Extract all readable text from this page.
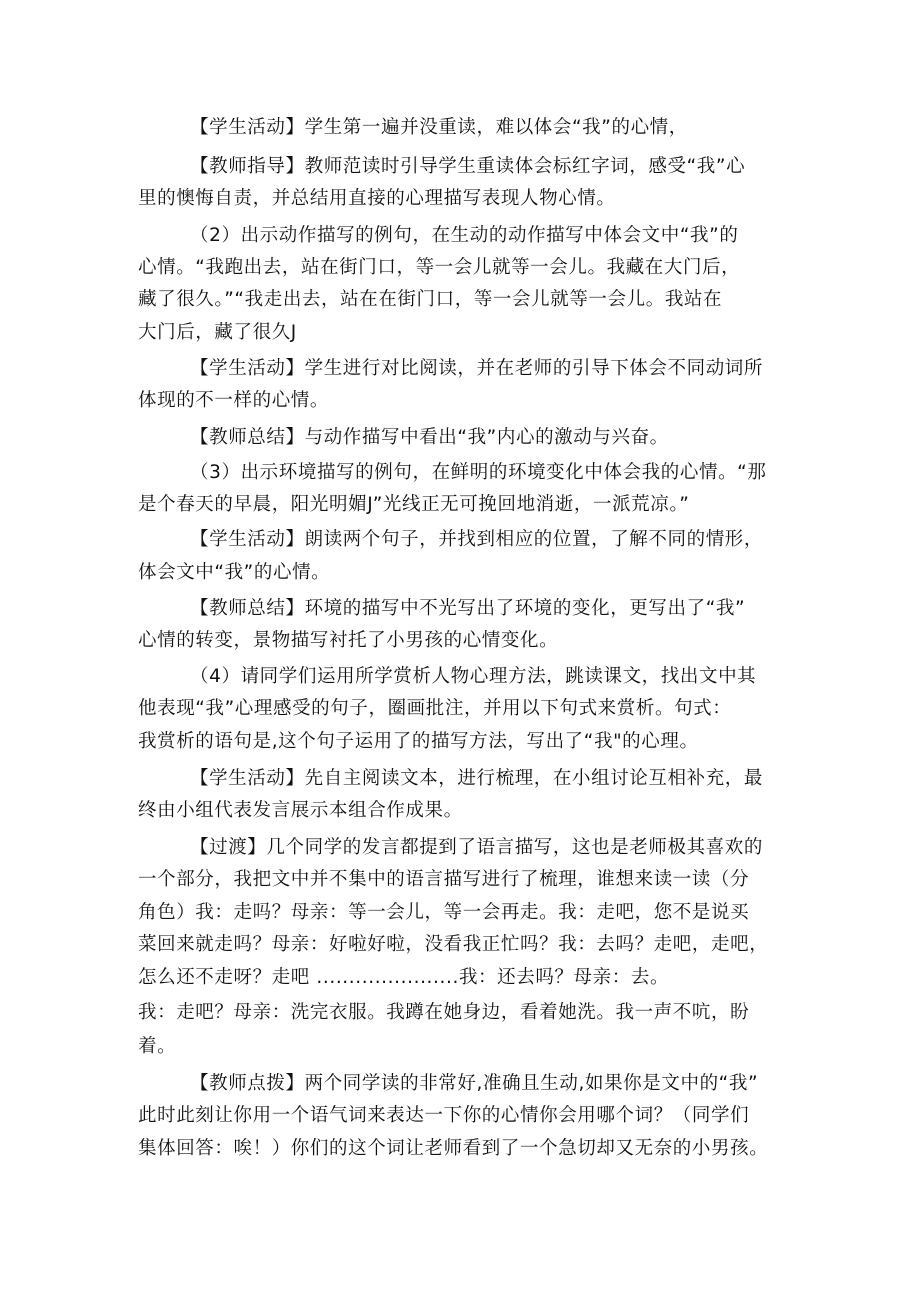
【学生活动】学生第一遍并没重读，难以体会“我”的心情，
【教师指导】教师范读时引导学生重读体会标红字词，感受“我”心
里的懊悔自责，并总结用直接的心理描写表现人物心情。
（2）出示动作描写的例句，在生动的动作描写中体会文中“我”的
心情。“我跑出去，站在街门口，等一会儿就等一会儿。我藏在大门后，
藏了很久。”“我走出去，站在在街门口，等一会儿就等一会儿。我站在
大门后，藏了很久J
【学生活动】学生进行对比阅读，并在老师的引导下体会不同动词所
体现的不一样的心情。
【教师总结】与动作描写中看出“我”内心的激动与兴奋。
（3）出示环境描写的例句，在鲜明的环境变化中体会我的心情。“那
是个春天的早晨，阳光明媚J”光线正无可挽回地消逝，一派荒凉。”
【学生活动】朗读两个句子，并找到相应的位置，了解不同的情形，
体会文中“我”的心情。
【教师总结】环境的描写中不光写出了环境的变化，更写出了“我”
心情的转变，景物描写衬托了小男孩的心情变化。
（4）请同学们运用所学赏析人物心理方法，跳读课文，找出文中其
他表现“我”心理感受的句子，圈画批注，并用以下句式来赏析。句式：
我赏析的语句是,这个句子运用了的描写方法，写出了“我"的心理。
【学生活动】先自主阅读文本，进行梳理，在小组讨论互相补充，最
终由小组代表发言展示本组合作成果。
【过渡】几个同学的发言都提到了语言描写，这也是老师极其喜欢的
一个部分，我把文中并不集中的语言描写进行了梳理，谁想来读一读（分
角色）我：走吗？母亲：等一会儿，等一会再走。我：走吧，您不是说买
菜回来就走吗？母亲：好啦好啦，没看我正忙吗？我：去吗？走吧，走吧，
怎么还不走呀？走吧 ......................我：还去吗？母亲：去。
我：走吧？母亲：洗完衣服。我蹲在她身边，看着她洗。我一声不吭，盼
着。
【教师点拨】两个同学读的非常好,准确且生动,如果你是文中的“我”
此时此刻让你用一个语气词来表达一下你的心情你会用哪个词？（同学们
集体回答：唉！）你们的这个词让老师看到了一个急切却又无奈的小男孩。
